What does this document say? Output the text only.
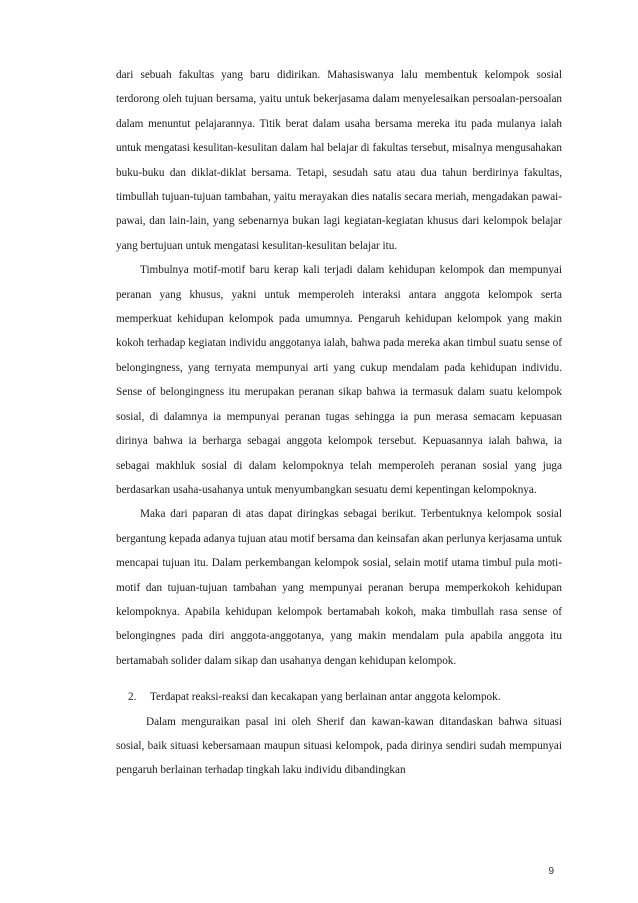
dari sebuah fakultas yang baru didirikan. Mahasiswanya lalu membentuk kelompok sosial terdorong oleh tujuan bersama, yaitu untuk bekerjasama dalam menyelesaikan persoalan-persoalan dalam menuntut pelajarannya. Titik berat dalam usaha bersama mereka itu pada mulanya ialah untuk mengatasi kesulitan-kesulitan dalam hal belajar di fakultas tersebut, misalnya mengusahakan buku-buku dan diklat-diklat bersama. Tetapi, sesudah satu atau dua tahun berdirinya fakultas, timbullah tujuan-tujuan tambahan, yaitu merayakan dies natalis secara meriah, mengadakan pawai-pawai, dan lain-lain, yang sebenarnya bukan lagi kegiatan-kegiatan khusus dari kelompok belajar yang bertujuan untuk mengatasi kesulitan-kesulitan belajar itu.

Timbulnya motif-motif baru kerap kali terjadi dalam kehidupan kelompok dan mempunyai peranan yang khusus, yakni untuk memperoleh interaksi antara anggota kelompok serta memperkuat kehidupan kelompok pada umumnya. Pengaruh kehidupan kelompok yang makin kokoh terhadap kegiatan individu anggotanya ialah, bahwa pada mereka akan timbul suatu sense of belongingness, yang ternyata mempunyai arti yang cukup mendalam pada kehidupan individu. Sense of belongingness itu merupakan peranan sikap bahwa ia termasuk dalam suatu kelompok sosial, di dalamnya ia mempunyai peranan tugas sehingga ia pun merasa semacam kepuasan dirinya bahwa ia berharga sebagai anggota kelompok tersebut. Kepuasannya ialah bahwa, ia sebagai makhluk sosial di dalam kelompoknya telah memperoleh peranan sosial yang juga berdasarkan usaha-usahanya untuk menyumbangkan sesuatu demi kepentingan kelompoknya.

Maka dari paparan di atas dapat diringkas sebagai berikut. Terbentuknya kelompok sosial bergantung kepada adanya tujuan atau motif bersama dan keinsafan akan perlunya kerjasama untuk mencapai tujuan itu. Dalam perkembangan kelompok sosial, selain motif utama timbul pula moti-motif dan tujuan-tujuan tambahan yang mempunyai peranan berupa memperkokoh kehidupan kelompoknya. Apabila kehidupan kelompok bertamabah kokoh, maka timbullah rasa sense of belongingnes pada diri anggota-anggotanya, yang makin mendalam pula apabila anggota itu bertamabah solider dalam sikap dan usahanya dengan kehidupan kelompok.

2. Terdapat reaksi-reaksi dan kecakapan yang berlainan antar anggota kelompok.

Dalam menguraikan pasal ini oleh Sherif dan kawan-kawan ditandaskan bahwa situasi sosial, baik situasi kebersamaan maupun situasi kelompok, pada dirinya sendiri sudah mempunyai pengaruh berlainan terhadap tingkah laku individu dibandingkan

9
